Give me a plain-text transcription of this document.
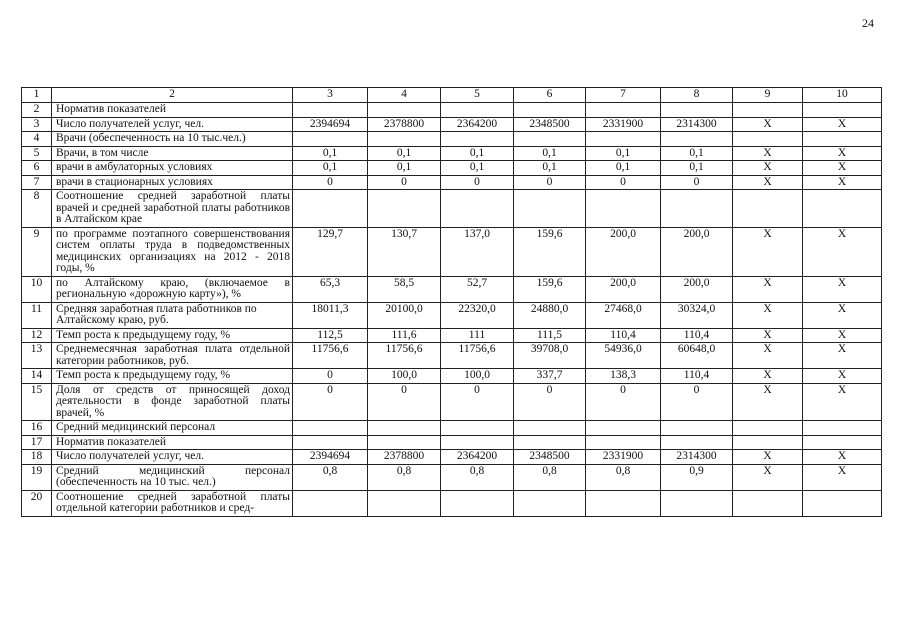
24
1	2	3	4	5	6	7	8	9	10
2	Норматив показателей								
3	Число получателей услуг, чел.	2394694	2378800	2364200	2348500	2331900	2314300	X	X
4	Врачи (обеспеченность на 10 тыс.чел.)								
5	Врачи, в том числе	0,1	0,1	0,1	0,1	0,1	0,1	X	X
6	врачи в амбулаторных условиях	0,1	0,1	0,1	0,1	0,1	0,1	X	X
7	врачи в стационарных условиях	0	0	0	0	0	0	X	X
8	Соотношение средней заработной платы врачей и средней заработной платы работников в Алтайском крае								
9	по программе поэтапного совершенствования систем оплаты труда в подведомственных медицинских организациях на 2012 - 2018 годы, %	129,7	130,7	137,0	159,6	200,0	200,0	X	X
10	по Алтайскому краю, (включаемое в региональную «дорожную карту»), %	65,3	58,5	52,7	159,6	200,0	200,0	X	X
11	Средняя заработная плата работников по Алтайскому краю, руб.	18011,3	20100,0	22320,0	24880,0	27468,0	30324,0	X	X
12	Темп роста к предыдущему году, %	112,5	111,6	111	111,5	110,4	110,4	X	X
13	Среднемесячная заработная плата отдельной категории работников, руб.	11756,6	11756,6	11756,6	39708,0	54936,0	60648,0	X	X
14	Темп роста к предыдущему году, %	0	100,0	100,0	337,7	138,3	110,4	X	X
15	Доля от средств от приносящей доход деятельности в фонде заработной платы врачей, %	0	0	0	0	0	0	X	X
16	Средний медицинский персонал								
17	Норматив показателей								
18	Число получателей услуг, чел.	2394694	2378800	2364200	2348500	2331900	2314300	X	X
19	Средний медицинский персонал (обеспеченность на 10 тыс. чел.)	0,8	0,8	0,8	0,8	0,8	0,9	X	X
20	Соотношение средней заработной платы отдельной категории работников и сред-								
